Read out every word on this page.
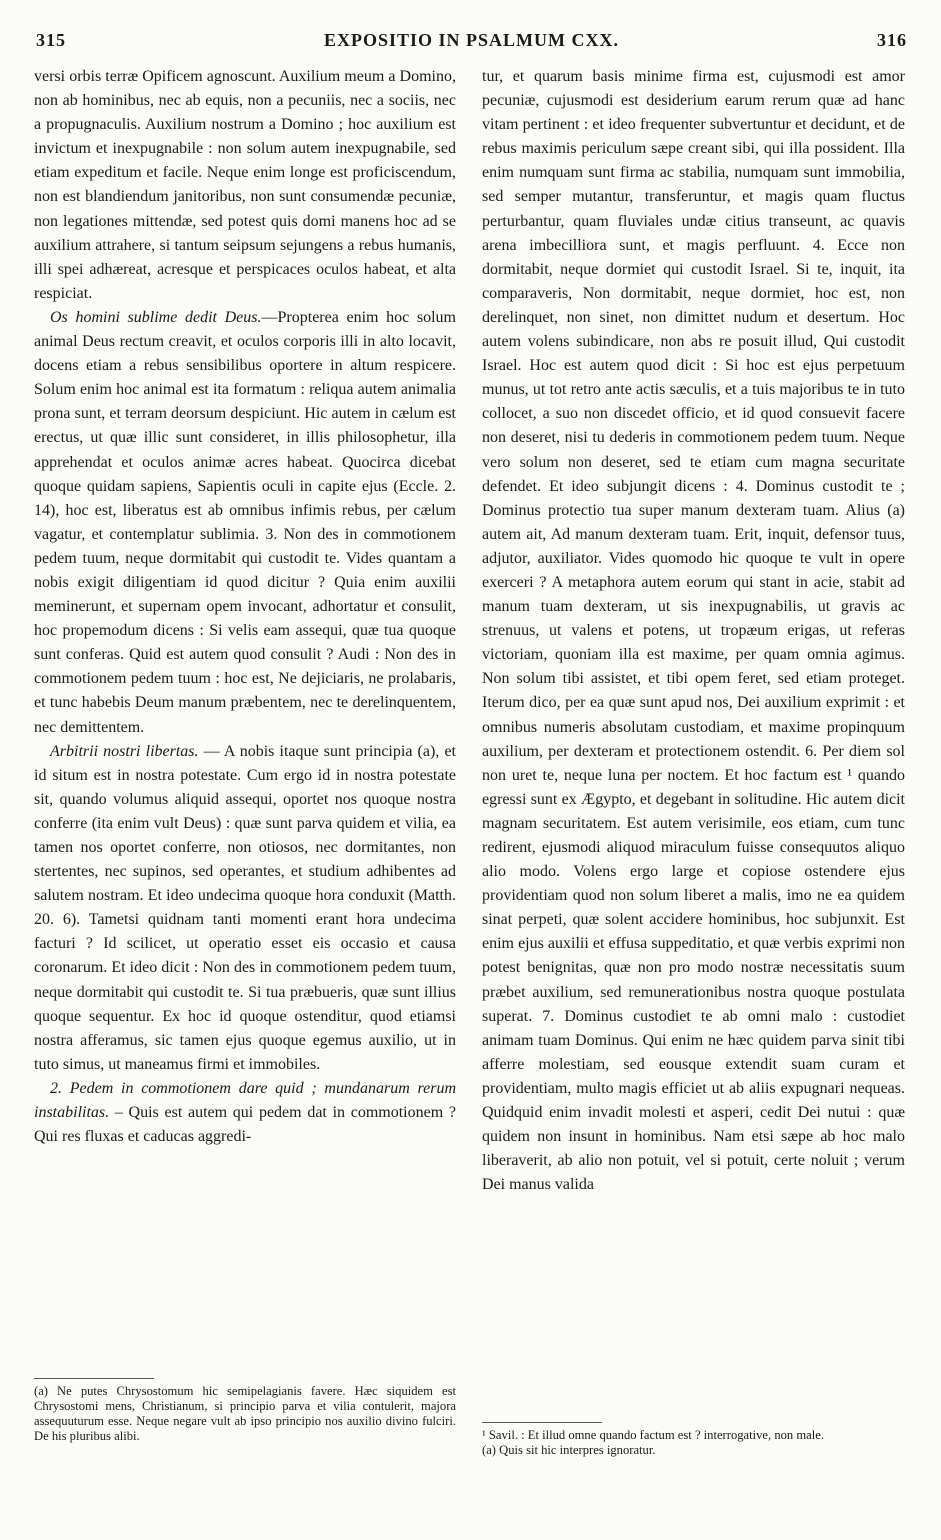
315	EXPOSITIO IN PSALMUM CXX.	316

versi orbis terræ Opificem agnoscunt. Auxilium meum a Domino, non ab hominibus, nec ab equis, non a pecuniis, nec a sociis, nec a propugnaculis. Auxilium nostrum a Domino ; hoc auxilium est invictum et inexpugnabile : non solum autem inexpugnabile, sed etiam expeditum et facile. Neque enim longe est proficiscendum, non est blandiendum janitoribus, non sunt consumendæ pecuniæ, non legationes mittendæ, sed potest quis domi manens hoc ad se auxilium attrahere, si tantum seipsum sejungens a rebus humanis, illi spei adhæreat, acresque et perspicaces oculos habeat, et alta respiciat.

Os homini sublime dedit Deus.—Propterea enim hoc solum animal Deus rectum creavit, et oculos corporis illi in alto locavit, docens etiam a rebus sensibilibus oportere in altum respicere. Solum enim hoc animal est ita formatum : reliqua autem animalia prona sunt, et terram deorsum despiciunt. Hic autem in cælum est erectus, ut quæ illic sunt consideret, in illis philosophetur, illa apprehendat et oculos animæ acres habeat. Quocirca dicebat quoque quidam sapiens, Sapientis oculi in capite ejus (Eccle. 2. 14), hoc est, liberatus est ab omnibus infimis rebus, per cælum vagatur, et contemplatur sublimia. 3. Non des in commotionem pedem tuum, neque dormitabit qui custodit te. Vides quantam a nobis exigit diligentiam id quod dicitur ? Quia enim auxilii meminerunt, et supernam opem invocant, adhortatur et consulit, hoc propemodum dicens : Si velis eam assequi, quæ tua quoque sunt conferas. Quid est autem quod consulit ? Audi : Non des in commotionem pedem tuum : hoc est, Ne dejiciaris, ne prolabaris, et tunc habebis Deum manum præbentem, nec te derelinquentem, nec demittentem.

Arbitrii nostri libertas. — A nobis itaque sunt principia (a), et id situm est in nostra potestate. Cum ergo id in nostra potestate sit, quando volumus aliquid assequi, oportet nos quoque nostra conferre (ita enim vult Deus) : quæ sunt parva quidem et vilia, ea tamen nos oportet conferre, non otiosos, nec dormitantes, non stertentes, nec supinos, sed operantes, et studium adhibentes ad salutem nostram. Et ideo undecima quoque hora conduxit (Matth. 20. 6). Tametsi quidnam tanti momenti erant hora undecima facturi ? Id scilicet, ut operatio esset eis occasio et causa coronarum. Et ideo dicit : Non des in commotionem pedem tuum, neque dormitabit qui custodit te. Si tua præbueris, quæ sunt illius quoque sequentur. Ex hoc id quoque ostenditur, quod etiamsi nostra afferamus, sic tamen ejus quoque egemus auxilio, ut in tuto simus, ut maneamus firmi et immobiles.

2. Pedem in commotionem dare quid ; mundanarum rerum instabilitas. – Quis est autem qui pedem dat in commotionem ? Qui res fluxas et caducas aggredi-

tur, et quarum basis minime firma est, cujusmodi est amor pecuniæ, cujusmodi est desiderium earum rerum quæ ad hanc vitam pertinent : et ideo frequenter subvertuntur et decidunt, et de rebus maximis periculum sæpe creant sibi, qui illa possident. Illa enim numquam sunt firma ac stabilia, numquam sunt immobilia, sed semper mutantur, transferuntur, et magis quam fluctus perturbantur, quam fluviales undæ citius transeunt, ac quavis arena imbecilliora sunt, et magis perfluunt. 4. Ecce non dormitabit, neque dormiet qui custodit Israel. Si te, inquit, ita comparaveris, Non dormitabit, neque dormiet, hoc est, non derelinquet, non sinet, non dimittet nudum et desertum. Hoc autem volens subindicare, non abs re posuit illud, Qui custodit Israel. Hoc est autem quod dicit : Si hoc est ejus perpetuum munus, ut tot retro ante actis sæculis, et a tuis majoribus te in tuto collocet, a suo non discedet officio, et id quod consuevit facere non deseret, nisi tu dederis in commotionem pedem tuum. Neque vero solum non deseret, sed te etiam cum magna securitate defendet. Et ideo subjungit dicens : 4. Dominus custodit te ; Dominus protectio tua super manum dexteram tuam. Alius (a) autem ait, Ad manum dexteram tuam. Erit, inquit, defensor tuus, adjutor, auxiliator. Vides quomodo hic quoque te vult in opere exerceri ? A metaphora autem eorum qui stant in acie, stabit ad manum tuam dexteram, ut sis inexpugnabilis, ut gravis ac strenuus, ut valens et potens, ut tropæum erigas, ut referas victoriam, quoniam illa est maxime, per quam omnia agimus. Non solum tibi assistet, et tibi opem feret, sed etiam proteget. Iterum dico, per ea quæ sunt apud nos, Dei auxilium exprimit : et omnibus numeris absolutam custodiam, et maxime propinquum auxilium, per dexteram et protectionem ostendit. 6. Per diem sol non uret te, neque luna per noctem. Et hoc factum est ¹ quando egressi sunt ex Ægypto, et degebant in solitudine. Hic autem dicit magnam securitatem. Est autem verisimile, eos etiam, cum tunc redirent, ejusmodi aliquod miraculum fuisse consequutos aliquo alio modo. Volens ergo large et copiose ostendere ejus providentiam quod non solum liberet a malis, imo ne ea quidem sinat perpeti, quæ solent accidere hominibus, hoc subjunxit. Est enim ejus auxilii et effusa suppeditatio, et quæ verbis exprimi non potest benignitas, quæ non pro modo nostræ necessitatis suum præbet auxilium, sed remunerationibus nostra quoque postulata superat. 7. Dominus custodiet te ab omni malo : custodiet animam tuam Dominus. Qui enim ne hæc quidem parva sinit tibi afferre molestiam, sed eousque extendit suam curam et providentiam, multo magis efficiet ut ab aliis expugnari nequeas. Quidquid enim invadit molesti et asperi, cedit Dei nutui : quæ quidem non insunt in hominibus. Nam etsi sæpe ab hoc malo liberaverit, ab alio non potuit, vel si potuit, certe noluit ; verum Dei manus valida

(a) Ne putes Chrysostomum hic semipelagianis favere. Hæc siquidem est Chrysostomi mens, Christianum, si principio parva et vilia contulerit, majora assequuturum esse. Neque negare vult ab ipso principio nos auxilio divino fulciri. De his pluribus alibi.	¹ Savil. : Et illud omne quando factum est ? interrogative, non male.

(a) Quis sit hic interpres ignoratur.
